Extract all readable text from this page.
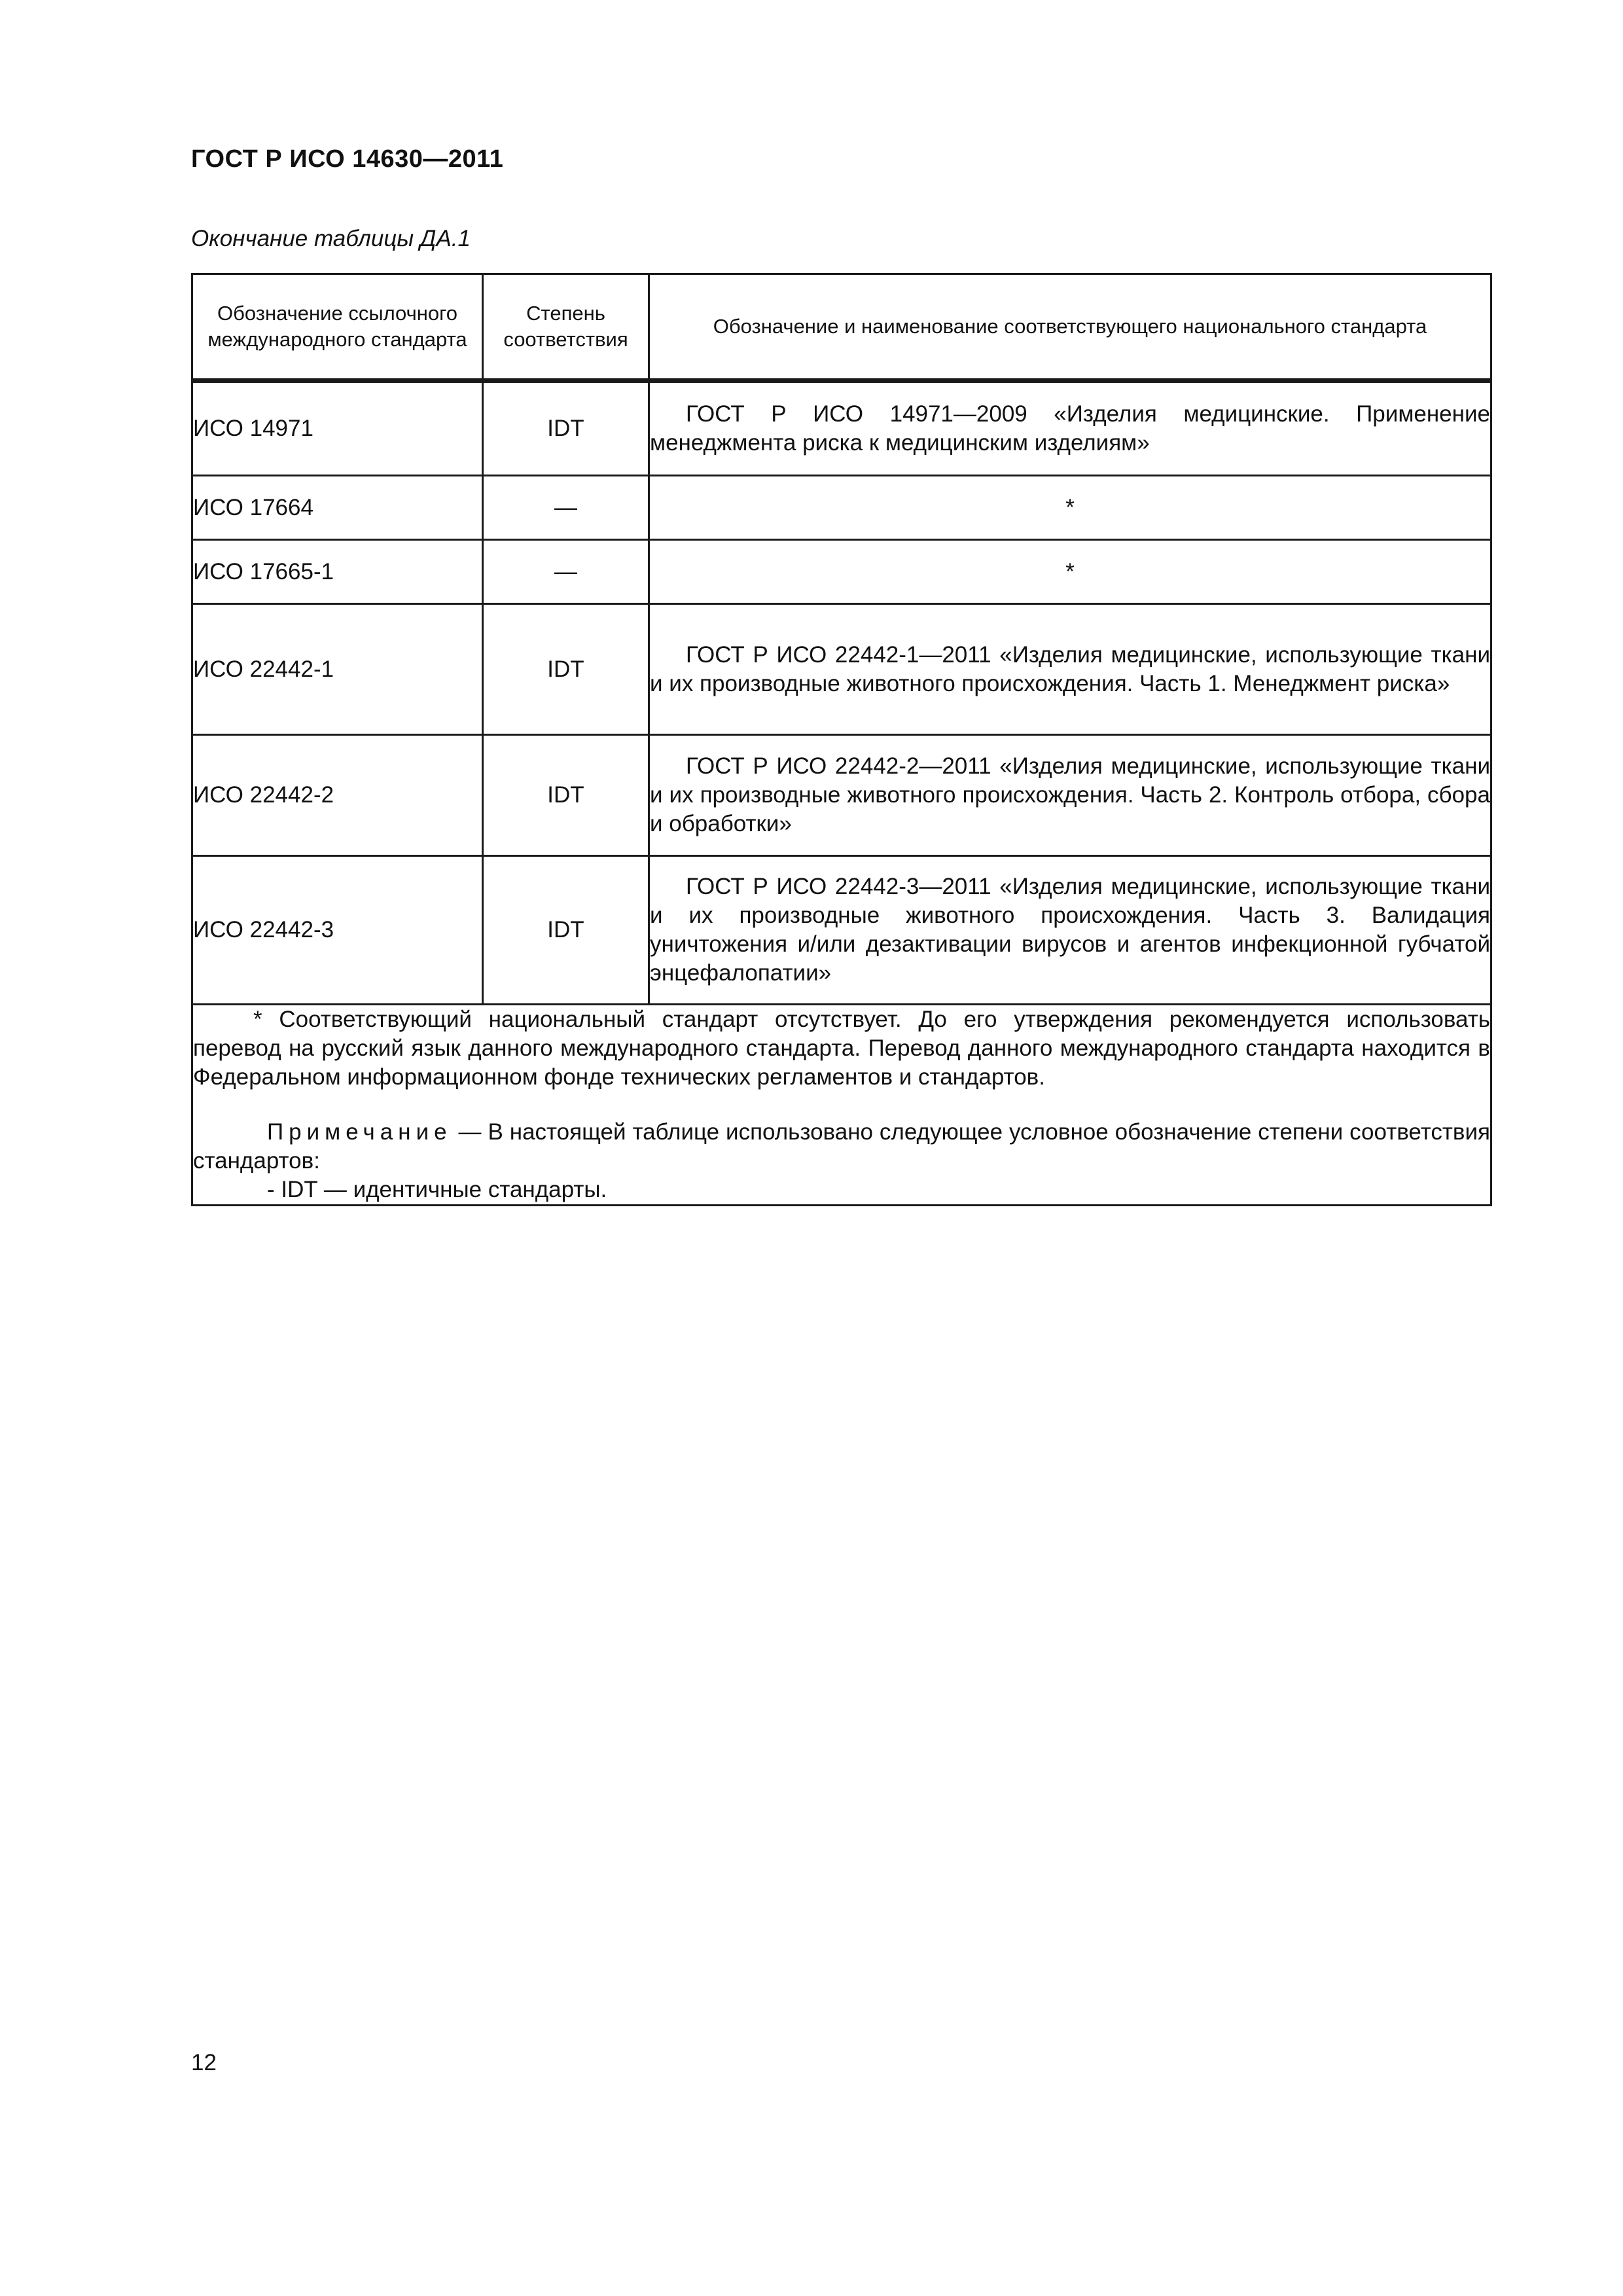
ГОСТ Р ИСО 14630—2011
Окончание таблицы ДА.1
Обозначение ссылочного международного стандарта	Степень соответствия	Обозначение и наименование соответствующего национального стандарта
ИСО 14971	IDT	ГОСТ Р ИСО 14971—2009 «Изделия медицинские. Применение менеджмента риска к медицинским изделиям»
ИСО 17664	—	*
ИСО 17665-1	—	*
ИСО 22442-1	IDT	ГОСТ Р ИСО 22442-1—2011 «Изделия медицинские, использующие ткани и их производные животного происхождения. Часть 1. Менеджмент риска»
ИСО 22442-2	IDT	ГОСТ Р ИСО 22442-2—2011 «Изделия медицинские, использующие ткани и их производные животного происхождения. Часть 2. Контроль отбора, сбора и обработки»
ИСО 22442-3	IDT	ГОСТ Р ИСО 22442-3—2011 «Изделия медицинские, использующие ткани и их производные животного происхождения. Часть 3. Валидация уничтожения и/или дезактивации вирусов и агентов инфекционной губчатой энцефалопатии»

* Соответствующий национальный стандарт отсутствует. До его утверждения рекомендуется использовать перевод на русский язык данного международного стандарта. Перевод данного международного стандарта находится в Федеральном информационном фонде технических регламентов и стандартов.

Примечание — В настоящей таблице использовано следующее условное обозначение степени соответствия стандартов:

- IDT — идентичные стандарты.		

12
